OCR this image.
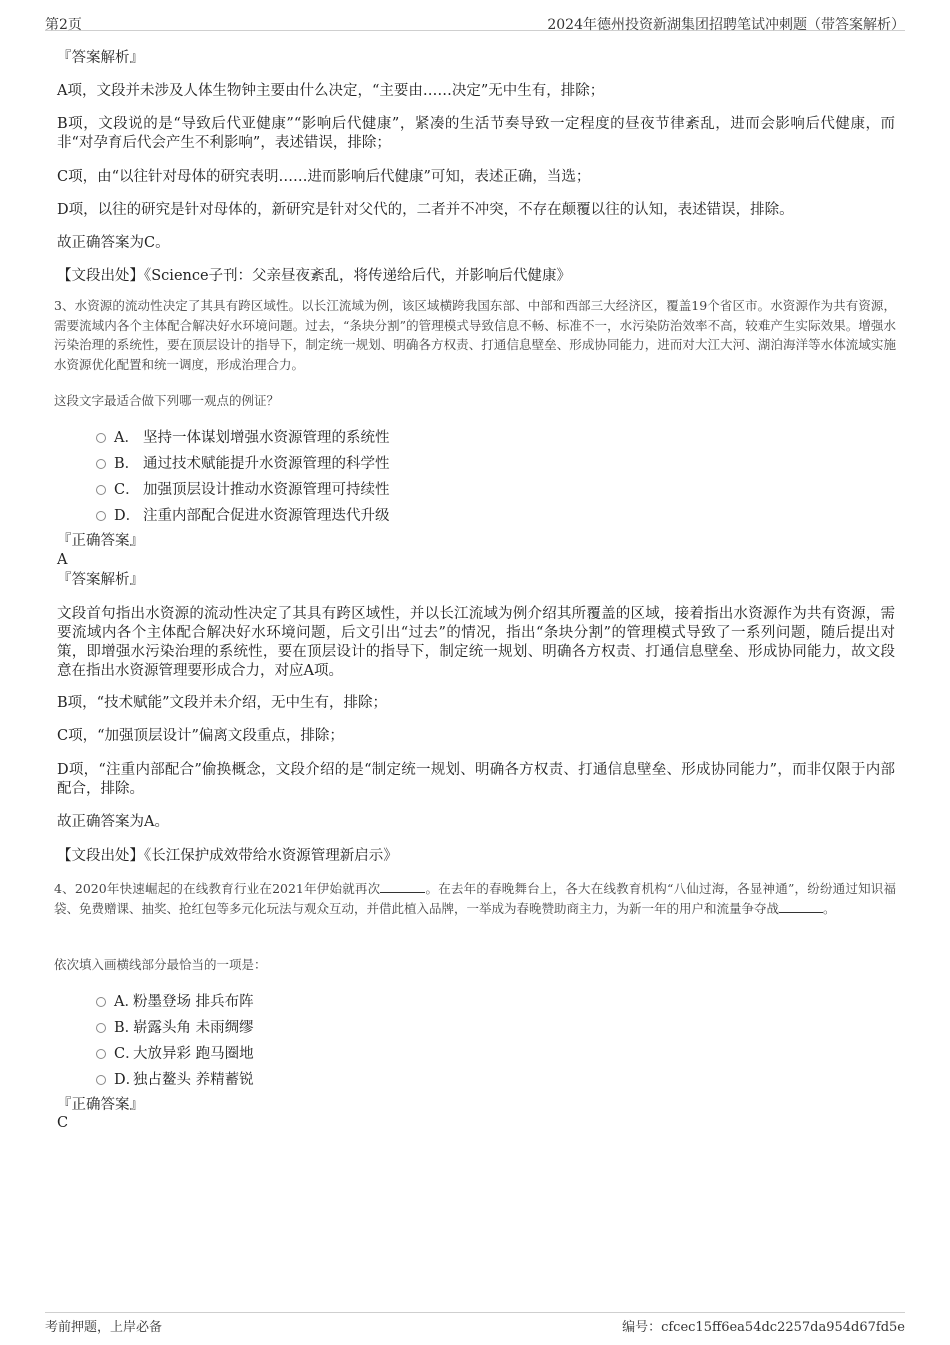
第2页	2024年德州投资新湖集团招聘笔试冲刺题（带答案解析）
『答案解析』
A项，文段并未涉及人体生物钟主要由什么决定，“主要由……决定”无中生有，排除；
B项，文段说的是“导致后代亚健康”“影响后代健康”，紧凑的生活节奏导致一定程度的昼夜节律紊乱，进而会影响后代健康，而非“对孕育后代会产生不利影响”，表述错误，排除；
C项，由“以往针对母体的研究表明……进而影响后代健康”可知，表述正确，当选；
D项，以往的研究是针对母体的，新研究是针对父代的，二者并不冲突，不存在颠覆以往的认知，表述错误，排除。
故正确答案为C。
【文段出处】《Science子刊：父亲昼夜紊乱，将传递给后代，并影响后代健康》
3、水资源的流动性决定了其具有跨区域性。以长江流域为例，该区域横跨我国东部、中部和西部三大经济区，覆盖19个省区市。水资源作为共有资源，需要流域内各个主体配合解决好水环境问题。过去，“条块分割”的管理模式导致信息不畅、标准不一，水污染防治效率不高，较难产生实际效果。增强水污染治理的系统性，要在顶层设计的指导下，制定统一规划、明确各方权责、打通信息壁垒、形成协同能力，进而对大江大河、湖泊海洋等水体流域实施水资源优化配置和统一调度，形成治理合力。
这段文字最适合做下列哪一观点的例证？
A． 坚持一体谋划增强水资源管理的系统性
B． 通过技术赋能提升水资源管理的科学性
C． 加强顶层设计推动水资源管理可持续性
D． 注重内部配合促进水资源管理迭代升级
『正确答案』
A
『答案解析』
文段首句指出水资源的流动性决定了其具有跨区域性，并以长江流域为例介绍其所覆盖的区域，接着指出水资源作为共有资源，需要流域内各个主体配合解决好水环境问题，后文引出“过去”的情况，指出“条块分割”的管理模式导致了一系列问题，随后提出对策，即增强水污染治理的系统性，要在顶层设计的指导下，制定统一规划、明确各方权责、打通信息壁垒、形成协同能力，故文段意在指出水资源管理要形成合力，对应A项。
B项，“技术赋能”文段并未介绍，无中生有，排除；
C项，“加强顶层设计”偏离文段重点，排除；
D项，“注重内部配合”偷换概念，文段介绍的是“制定统一规划、明确各方权责、打通信息壁垒、形成协同能力”，而非仅限于内部配合，排除。
故正确答案为A。
【文段出处】《长江保护成效带给水资源管理新启示》
4、2020年快速崛起的在线教育行业在2021年伊始就再次	。在去年的春晚舞台上，各大在线教育机构“八仙过海，各显神通”，纷纷通过知识福袋、免费赠课、抽奖、抢红包等多元化玩法与观众互动，并借此植入品牌，一举成为春晚赞助商主力，为新一年的用户和流量争夺战	。
依次填入画横线部分最恰当的一项是：
A．
粉墨登场 排兵布阵
B．
崭露头角 未雨绸缪
C．
大放异彩 跑马圈地
D．
独占鳌头 养精蓄锐
『正确答案』
C
考前押题，上岸必备	编号：cfcec15ff6ea54dc2257da954d67fd5e
